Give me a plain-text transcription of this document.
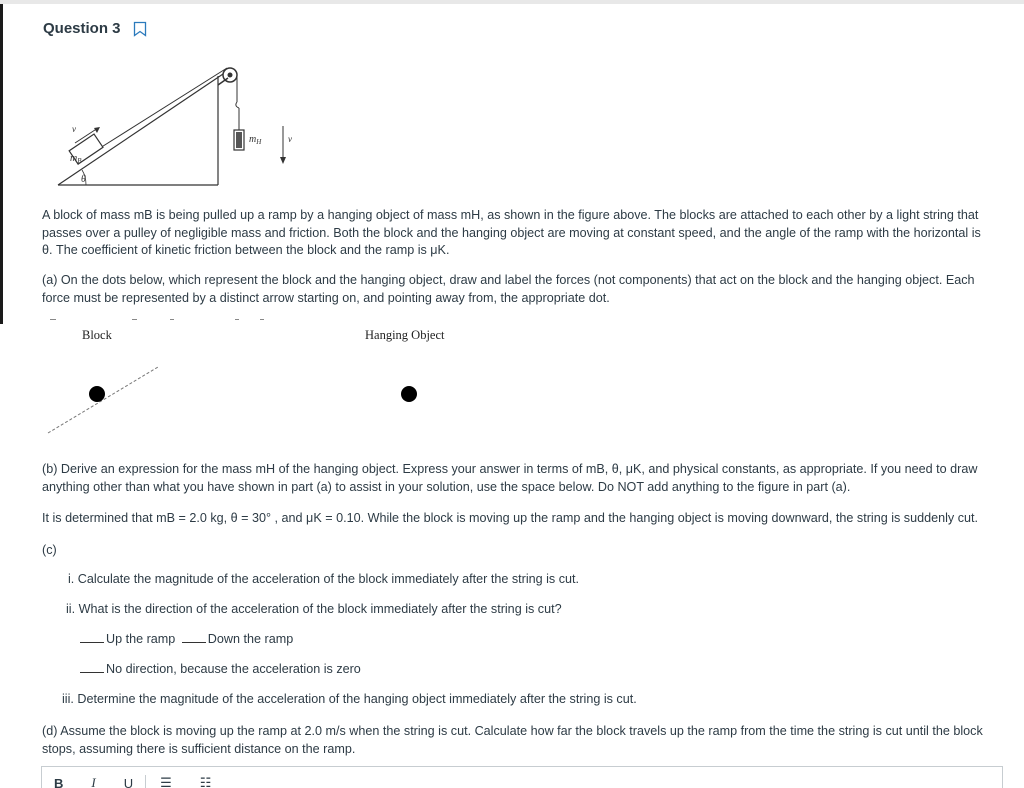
Question 3
$m_H$
$m_B$
v
v
θ

A block of mass mB is being pulled up a ramp by a hanging object of mass mH, as shown in the figure above. The blocks are attached to each other by a light string that passes over a pulley of negligible mass and friction. Both the block and the hanging object are moving at constant speed, and the angle of the ramp with the horizontal is θ. The coefficient of kinetic friction between the block and the ramp is μK.

(a) On the dots below, which represent the block and the hanging object, draw and label the forces (not components) that act on the block and the hanging object. Each force must be represented by a distinct arrow starting on, and pointing away from, the appropriate dot.

Block	Hanging Object

(b) Derive an expression for the mass mH of the hanging object. Express your answer in terms of mB, θ, μK, and physical constants, as appropriate. If you need to draw anything other than what you have shown in part (a) to assist in your solution, use the space below. Do NOT add anything to the figure in part (a).

It is determined that mB = 2.0 kg, θ = 30° , and μK = 0.10. While the block is moving up the ramp and the hanging object is moving downward, the string is suddenly cut.

(c)

i. Calculate the magnitude of the acceleration of the block immediately after the string is cut.
ii. What is the direction of the acceleration of the block immediately after the string is cut?
Up the ramp	Down the ramp
No direction, because the acceleration is zero
iii. Determine the magnitude of the acceleration of the hanging object immediately after the string is cut.

(d) Assume the block is moving up the ramp at 2.0 m/s when the string is cut. Calculate how far the block travels up the ramp from the time the string is cut until the block stops, assuming there is sufficient distance on the ramp.

B I U ☰ ☷
